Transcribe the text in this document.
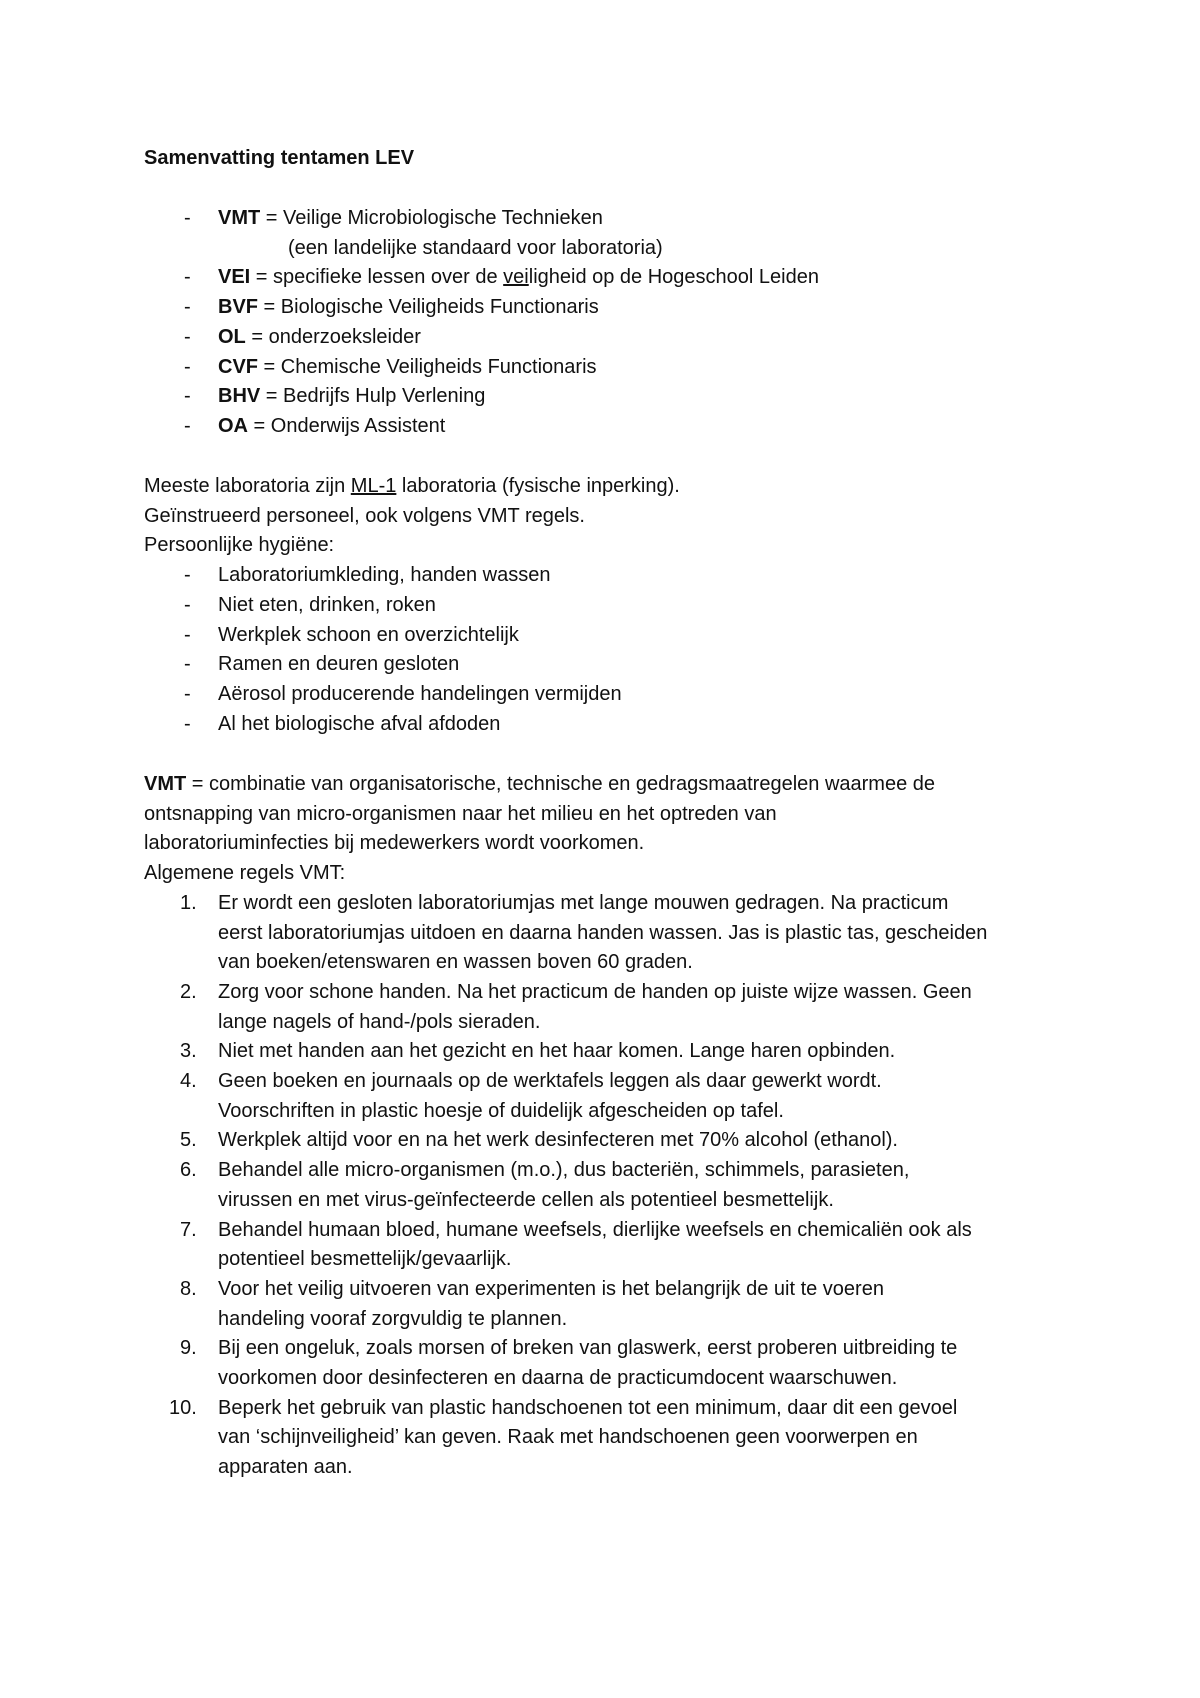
Samenvatting tentamen LEV
- VMT = Veilige Microbiologische Technieken
(een landelijke standaard voor laboratoria)
- VEI = specifieke lessen over de veiligheid op de Hogeschool Leiden
- BVF = Biologische Veiligheids Functionaris
- OL = onderzoeksleider
- CVF = Chemische Veiligheids Functionaris
- BHV = Bedrijfs Hulp Verlening
- OA = Onderwijs Assistent
Meeste laboratoria zijn ML-1 laboratoria (fysische inperking).
Geïnstrueerd personeel, ook volgens VMT regels.
Persoonlijke hygiëne:
- Laboratoriumkleding, handen wassen
- Niet eten, drinken, roken
- Werkplek schoon en overzichtelijk
- Ramen en deuren gesloten
- Aërosol producerende handelingen vermijden
- Al het biologische afval afdoden
VMT = combinatie van organisatorische, technische en gedragsmaatregelen waarmee de
ontsnapping van micro-organismen naar het milieu en het optreden van
laboratoriuminfecties bij medewerkers wordt voorkomen.
Algemene regels VMT:
1.	Er wordt een gesloten laboratoriumjas met lange mouwen gedragen. Na practicum
eerst laboratoriumjas uitdoen en daarna handen wassen. Jas is plastic tas, gescheiden
van boeken/etenswaren en wassen boven 60 graden.
2.	Zorg voor schone handen. Na het practicum de handen op juiste wijze wassen. Geen
lange nagels of hand-/pols sieraden.
3.	Niet met handen aan het gezicht en het haar komen. Lange haren opbinden.
4.	Geen boeken en journaals op de werktafels leggen als daar gewerkt wordt.
Voorschriften in plastic hoesje of duidelijk afgescheiden op tafel.
5.	Werkplek altijd voor en na het werk desinfecteren met 70% alcohol (ethanol).
6.	Behandel alle micro-organismen (m.o.), dus bacteriën, schimmels, parasieten,
virussen en met virus-geïnfecteerde cellen als potentieel besmettelijk.
7.	Behandel humaan bloed, humane weefsels, dierlijke weefsels en chemicaliën ook als
potentieel besmettelijk/gevaarlijk.
8.	Voor het veilig uitvoeren van experimenten is het belangrijk de uit te voeren
handeling vooraf zorgvuldig te plannen.
9.	Bij een ongeluk, zoals morsen of breken van glaswerk, eerst proberen uitbreiding te
voorkomen door desinfecteren en daarna de practicumdocent waarschuwen.
10. Beperk het gebruik van plastic handschoenen tot een minimum, daar dit een gevoel
van ‘schijnveiligheid’ kan geven. Raak met handschoenen geen voorwerpen en
apparaten aan.
